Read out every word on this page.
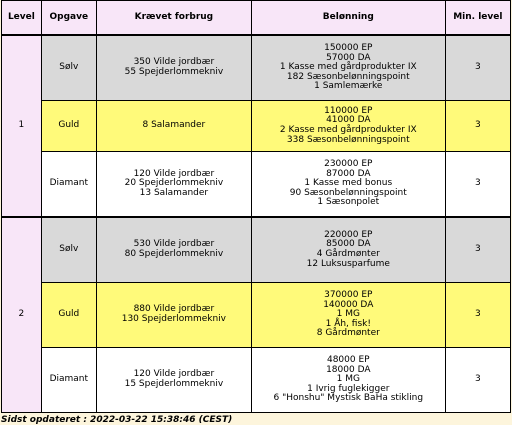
Level	Opgave	Krævet forbrug	Belønning	Min. level
1	Sølv	350 Vilde jordbær
55 Spejderlommekniv	150000 EP
57000 DA
1 Kasse med gårdprodukter IX
182 Sæsonbelønningspoint
1 Samlemærke	3
	Guld	8 Salamander	110000 EP
41000 DA
2 Kasse med gårdprodukter IX
338 Sæsonbelønningspoint	3
	Diamant	120 Vilde jordbær
20 Spejderlommekniv
13 Salamander	230000 EP
87000 DA
1 Kasse med bonus
90 Sæsonbelønningspoint
1 Sæsonpolet	3
2	Sølv	530 Vilde jordbær
80 Spejderlommekniv	220000 EP
85000 DA
4 Gårdmønter
12 Luksusparfume	3
	Guld	880 Vilde jordbær
130 Spejderlommekniv	370000 EP
140000 DA
1 MG
1 Åh, fisk!
8 Gårdmønter	3
	Diamant	120 Vilde jordbær
15 Spejderlommekniv	48000 EP
18000 DA
1 MG
1 Ivrig fuglekigger
6 "Honshu" Mystisk BaHa stikling	3
Sidst opdateret : 2022-03-22 15:38:46 (CEST)
